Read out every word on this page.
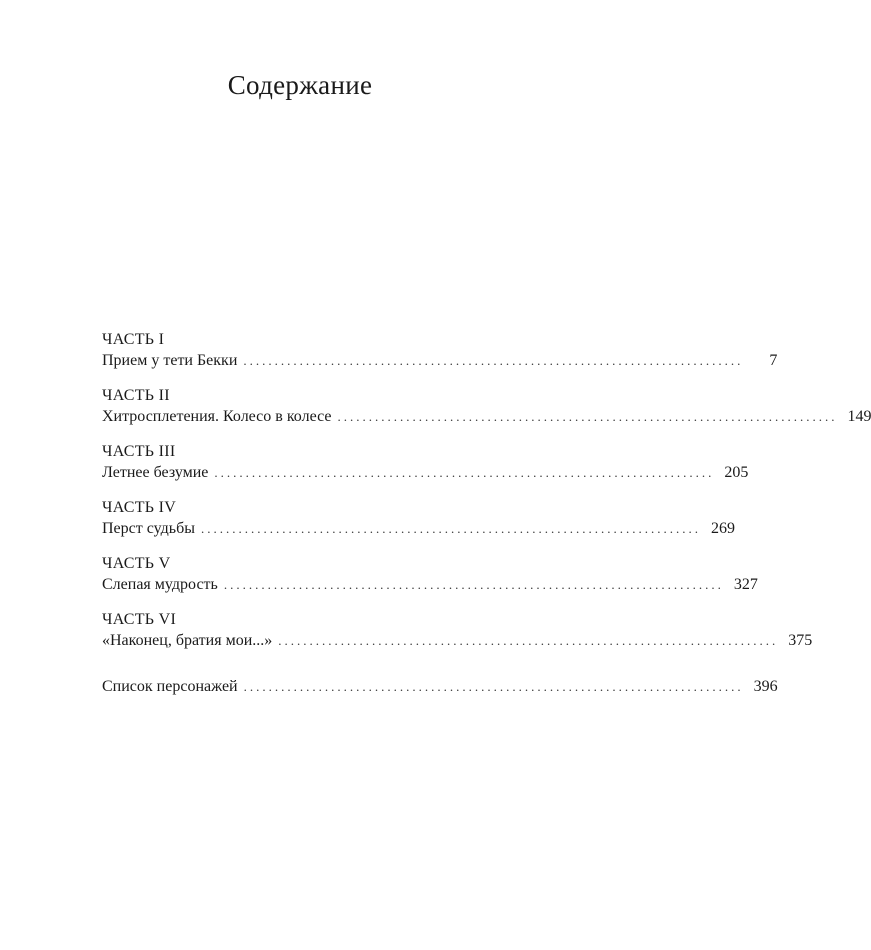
Содержание
ЧАСТЬ I
Прием у тети Бекки ................................................................................	7
ЧАСТЬ II
Хитросплетения. Колесо в колесе ................................................................................ 149
ЧАСТЬ III
Летнее безумие ................................................................................ 205
ЧАСТЬ IV
Перст судьбы ................................................................................ 269
ЧАСТЬ V
Слепая мудрость ................................................................................ 327
ЧАСТЬ VI
«Наконец, братия мои...» ................................................................................ 375
Список персонажей ................................................................................ 396
